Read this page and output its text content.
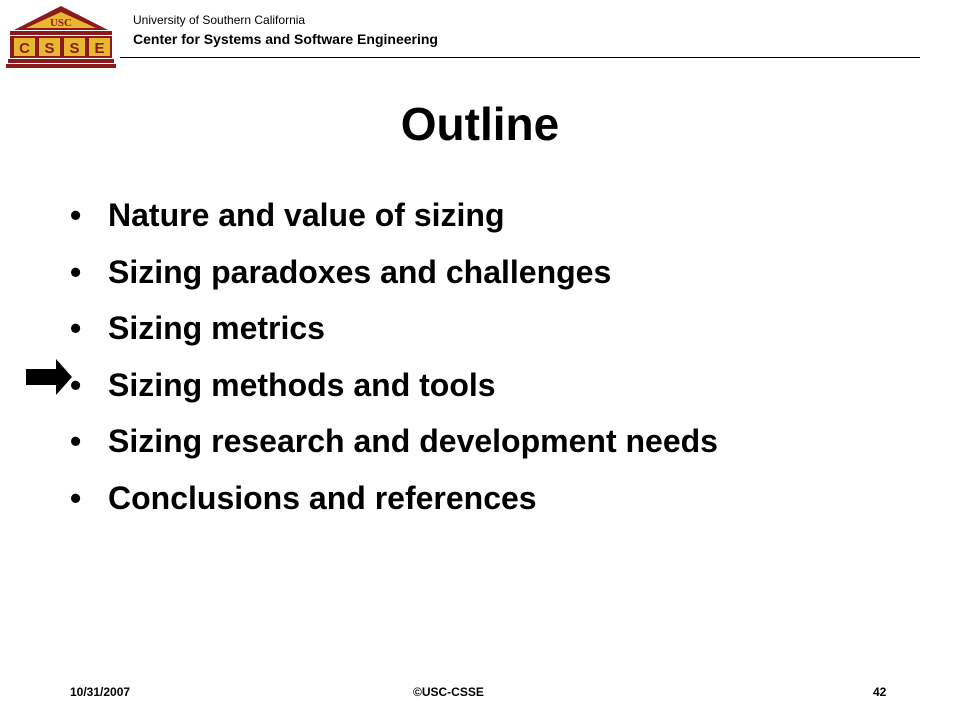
USC
C S S E
University of Southern California
Center for Systems and Software Engineering
Outline
• Nature and value of sizing
• Sizing paradoxes and challenges
• Sizing metrics
• Sizing methods and tools
• Sizing research and development needs
• Conclusions and references
10/31/2007	©USC-CSSE	42
